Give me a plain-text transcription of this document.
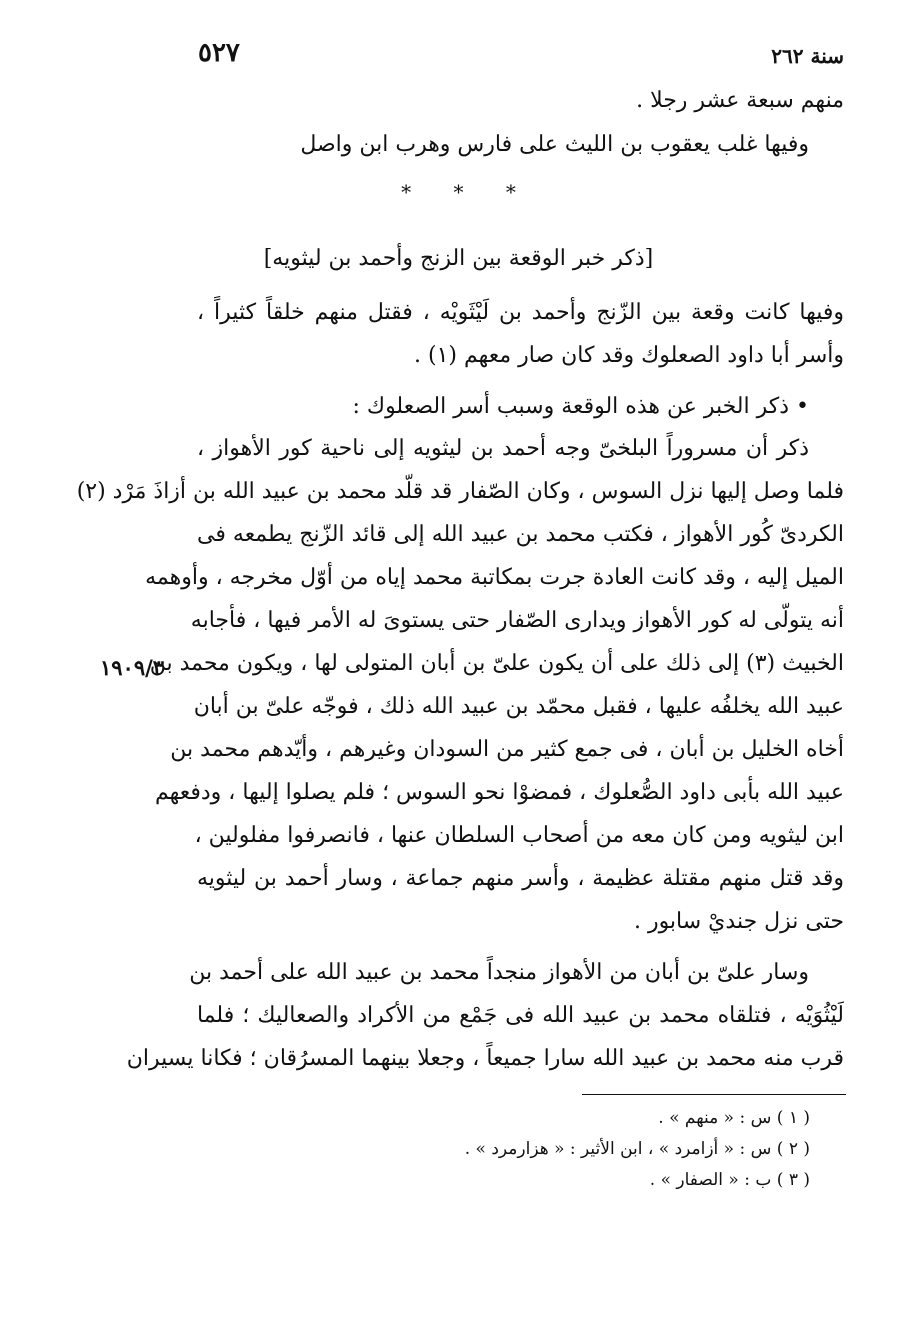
٥٢٧	سنة ٢٦٢
منهم سبعة عشر رجلا .
وفيها غلب يعقوب بن الليث على فارس وهرب ابن واصل
* * *
[ذكر خبر الوقعة بين الزنج وأحمد بن ليثويه]
وفيها كانت وقعة بين الزّنج وأحمد بن لَيْثَويْه ، فقتل منهم خلقاً كثيراً ،
وأسر أبا داود الصعلوك وقد كان صار معهم (١) .
• ذكر الخبر عن هذه الوقعة وسبب أسر الصعلوك :
ذكر أن مسروراً البلخىّ وجه أحمد بن ليثويه إلى ناحية كور الأهواز ،
فلما وصل إليها نزل السوس ، وكان الصّفار قد قلّد محمد بن عبيد الله بن أزاذَ مَرْد (٢)
الكردىّ كُور الأهواز ، فكتب محمد بن عبيد الله إلى قائد الزّنج يطمعه فى
الميل إليه ، وقد كانت العادة جرت بمكاتبة محمد إياه من أوّل مخرجه ، وأوهمه
أنه يتولّى له كور الأهواز ويدارى الصّفار حتى يستوىَ له الأمر فيها ، فأجابه
الخبيث (٣) إلى ذلك على أن يكون علىّ بن أبان المتولى لها ، ويكون محمد بن
عبيد الله يخلفُه عليها ، فقبل محمّد بن عبيد الله ذلك ، فوجّه علىّ بن أبان
أخاه الخليل بن أبان ، فى جمع كثير من السودان وغيرهم ، وأيّدهم محمد بن
عبيد الله بأبى داود الصُّعلوك ، فمضوْا نحو السوس ؛ فلم يصلوا إليها ، ودفعهم
ابن ليثويه ومن كان معه من أصحاب السلطان عنها ، فانصرفوا مفلولين ،
وقد قتل منهم مقتلة عظيمة ، وأسر منهم جماعة ، وسار أحمد بن ليثويه
حتى نزل جنديْ سابور .
١٩٠٩/٣
وسار علىّ بن أبان من الأهواز منجداً محمد بن عبيد الله على أحمد بن
لَيْثُوَيْه ، فتلقاه محمد بن عبيد الله فى جَمْع من الأكراد والصعاليك ؛ فلما
قرب منه محمد بن عبيد الله سارا جميعاً ، وجعلا بينهما المسرُقان ؛ فكانا يسيران
( ١ ) س : « منهم » .
( ٢ ) س : « أزامرد » ، ابن الأثير : « هزارمرد » .
( ٣ ) ب : « الصفار » .
